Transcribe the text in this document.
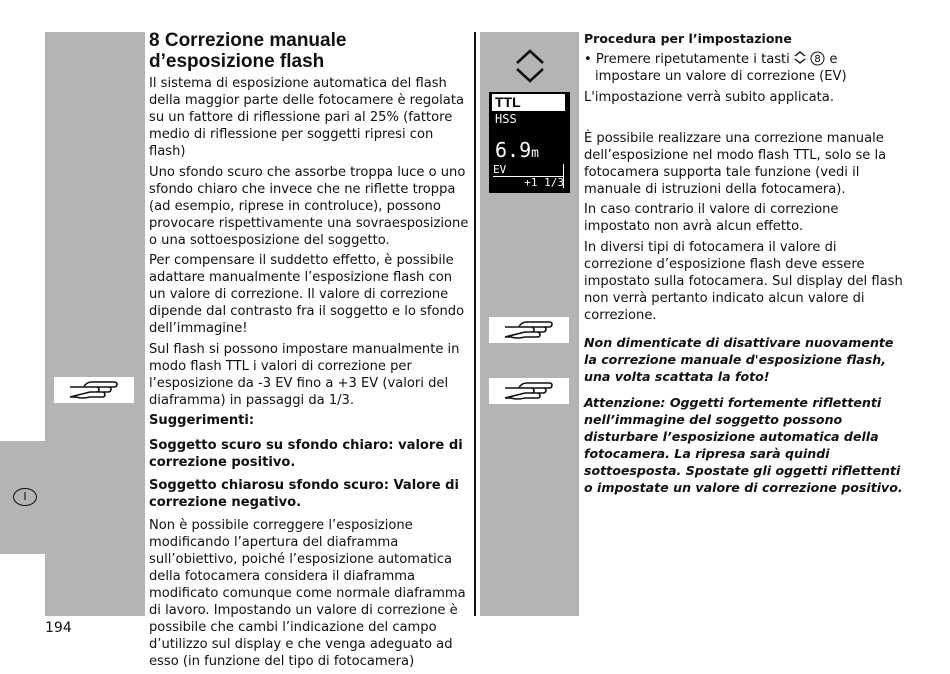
I
TTL
HSS
6.9m
EV
+1 1/3

8 Correzione manuale d’esposizione flash

Il sistema di esposizione automatica del flash della maggior parte delle fotocamere è regolata su un fattore di riflessione pari al 25% (fattore medio di riflessione per soggetti ripresi con flash)

Uno sfondo scuro che assorbe troppa luce o uno sfondo chiaro che invece che ne riflette troppa (ad esempio, riprese in controluce), possono provocare rispettivamente una sovraesposizione o una sottoesposizione del soggetto.

Per compensare il suddetto effetto, è possibile adattare manualmente l’esposizione flash con un valore di correzione. Il valore di correzione dipende dal contrasto fra il soggetto e lo sfondo dell’immagine!

Sul flash si possono impostare manualmente in modo flash TTL i valori di correzione per l’esposizione da -3 EV fino a +3 EV (valori del diaframma) in passaggi da 1/3.

Suggerimenti:

Soggetto scuro su sfondo chiaro: valore di correzione positivo.

Soggetto chiarosu sfondo scuro: Valore di correzione negativo.

Non è possibile correggere l’esposizione modificando l’apertura del diaframma sull’obiettivo, poiché l’esposizione automatica della fotocamera considera il diaframma modificato comunque come normale diaframma di lavoro. Impostando un valore di correzione è possibile che cambi l’indicazione del campo d’utilizzo sul display e che venga adeguato ad esso (in funzione del tipo di fotocamera)

Procedura per l’impostazione

• Premere ripetutamente i tasti 8 e impostare un valore di correzione (EV)

L'impostazione verrà subito applicata.

È possibile realizzare una correzione manuale dell’esposizione nel modo flash TTL, solo se la fotocamera supporta tale funzione (vedi il manuale di istruzioni della fotocamera).

In caso contrario il valore di correzione impostato non avrà alcun effetto.

In diversi tipi di fotocamera il valore di correzione d’esposizione flash deve essere impostato sulla fotocamera. Sul display del flash non verrà pertanto indicato alcun valore di correzione.

Non dimenticate di disattivare nuovamente la correzione manuale d'esposizione flash, una volta scattata la foto!

Attenzione: Oggetti fortemente riflettenti nell’immagine del soggetto possono disturbare l’esposizione automatica della fotocamera. La ripresa sarà quindi sottoesposta. Spostate gli oggetti riflettenti o impostate un valore di correzione positivo.

194
